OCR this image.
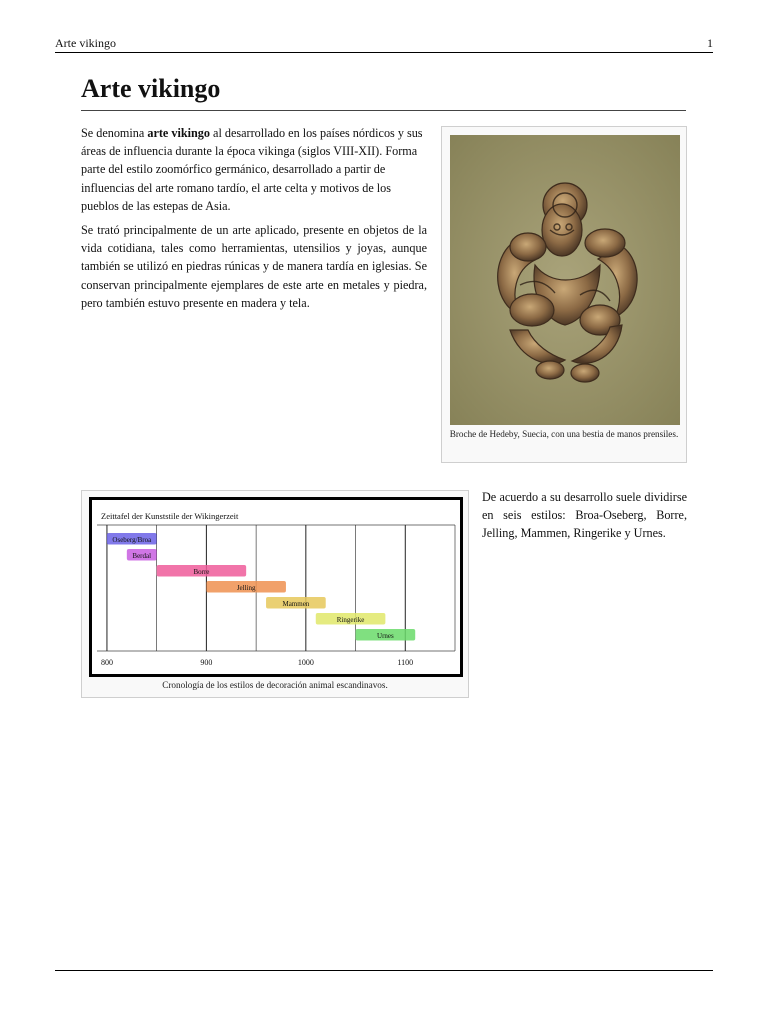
Arte vikingo	1
Arte vikingo

Se denomina arte vikingo al desarrollado en los países nórdicos y sus áreas de influencia durante la época vikinga (siglos VIII-XII). Forma parte del estilo zoomórfico germánico, desarrollado a partir de influencias del arte romano tardío, el arte celta y motivos de los pueblos de las estepas de Asia.

Se trató principalmente de un arte aplicado, presente en objetos de la vida cotidiana, tales como herramientas, utensilios y joyas, aunque también se utilizó en piedras rúnicas y de manera tardía en iglesias. Se conservan principalmente ejemplares de este arte en metales y piedra, pero también estuvo presente en madera y tela.

Broche de Hedeby, Suecia, con una bestia de manos prensiles.
Zeittafel der Kunststile der Wikingerzeit
Oseberg/Broa
Berdal
Borre
Jelling
Mammen
Ringerike
Urnes
800	900	1000	1100
Cronología de los estilos de decoración animal escandinavos.

De acuerdo a su desarrollo suele dividirse en seis estilos: Broa-Oseberg, Borre, Jelling, Mammen, Ringerike y Urnes.
